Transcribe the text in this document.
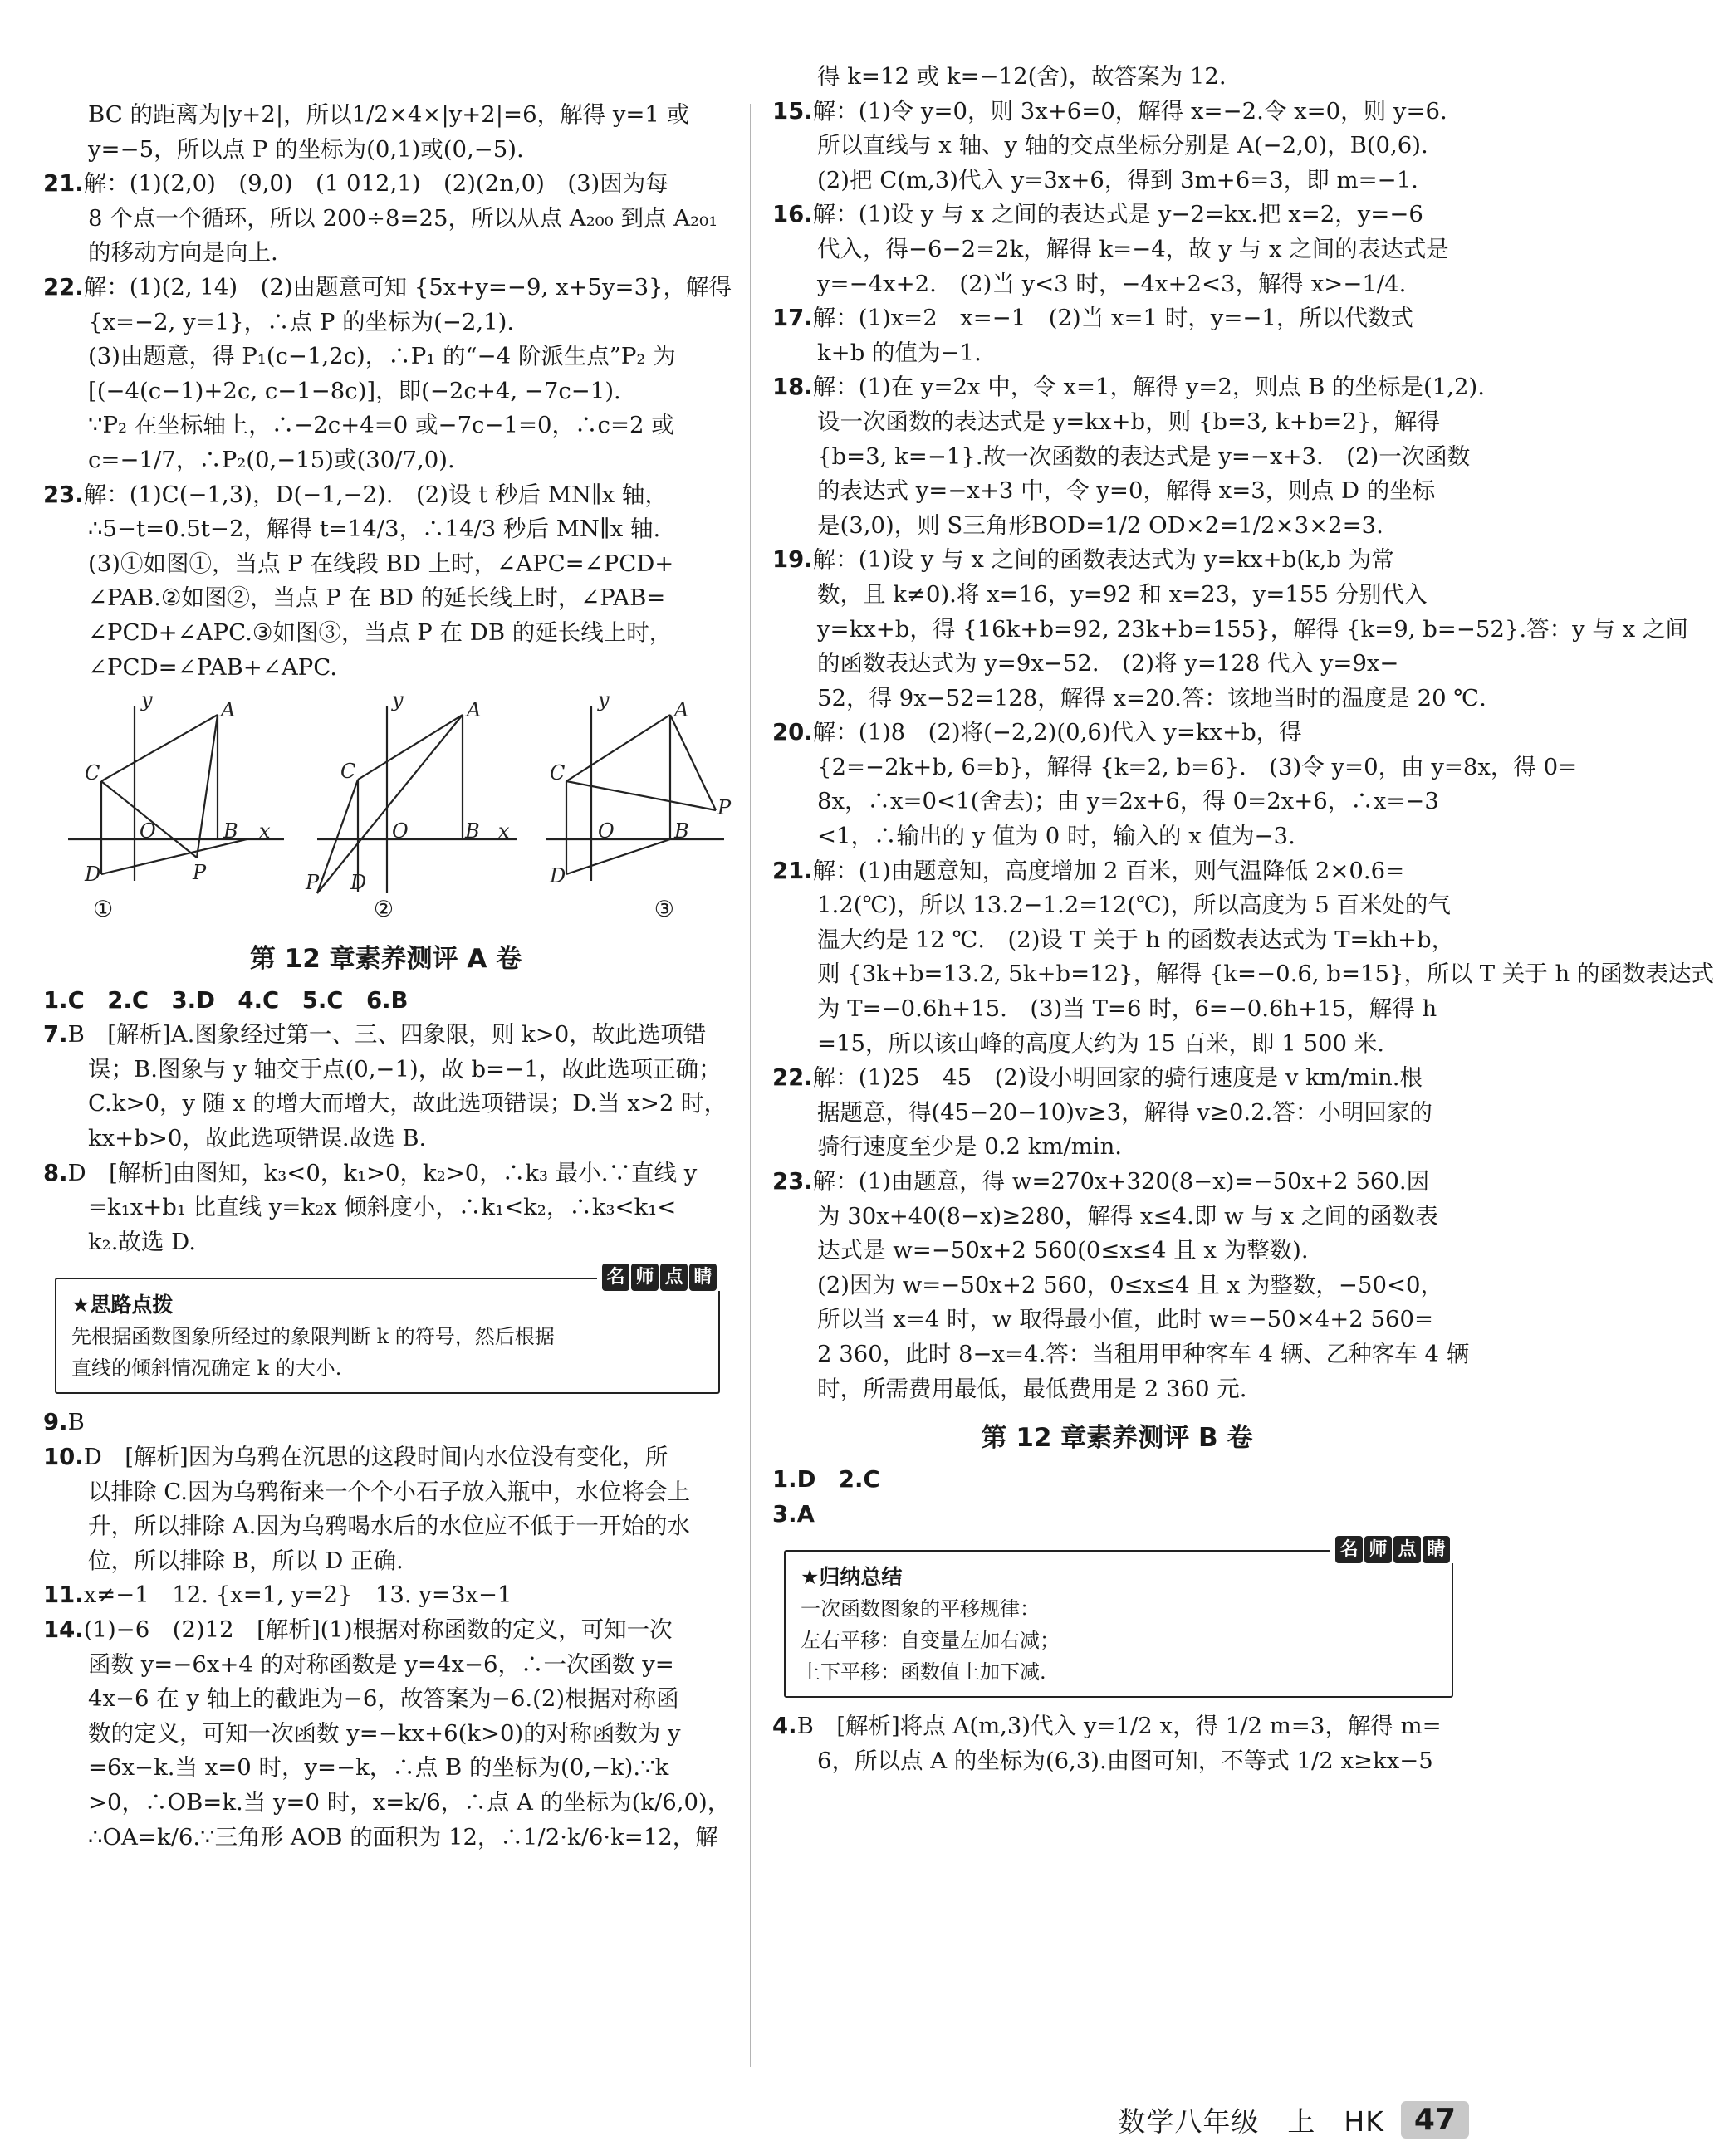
BC 的距离为|y+2|，所以1/2×4×|y+2|=6，解得 y=1 或
y=−5，所以点 P 的坐标为(0,1)或(0,−5).
21.解：(1)(2,0)　(9,0)　(1 012,1)　(2)(2n,0)　(3)因为每
8 个点一个循环，所以 200÷8=25，所以从点 A₂₀₀ 到点 A₂₀₁
的移动方向是向上.
22.解：(1)(2, 14)　(2)由题意可知 {5x+y=−9, x+5y=3}，解得
{x=−2, y=1}，∴点 P 的坐标为(−2,1).
(3)由题意，得 P₁(c−1,2c)，∴P₁ 的“−4 阶派生点”P₂ 为
[(−4(c−1)+2c, c−1−8c)]，即(−2c+4, −7c−1).
∵P₂ 在坐标轴上，∴−2c+4=0 或−7c−1=0，∴c=2 或
c=−1/7，∴P₂(0,−15)或(30/7,0).
23.解：(1)C(−1,3)，D(−1,−2).　(2)设 t 秒后 MN∥x 轴，
∴5−t=0.5t−2，解得 t=14/3，∴14/3 秒后 MN∥x 轴.
(3)①如图①，当点 P 在线段 BD 上时，∠APC=∠PCD+
∠PAB.②如图②，当点 P 在 BD 的延长线上时，∠PAB=
∠PCD+∠APC.③如图③，当点 P 在 DB 的延长线上时，
∠PCD=∠PAB+∠APC.
y	A
C
O	B x
D	P
y	A
C
O	B x
P D
y	A
C
O	B
P
D
①	②	③
第 12 章素养测评 A 卷
1.C　2.C　3.D　4.C　5.C　6.B
7.B　[解析]A.图象经过第一、三、四象限，则 k>0，故此选项错
误；B.图象与 y 轴交于点(0,−1)，故 b=−1，故此选项正确；
C.k>0，y 随 x 的增大而增大，故此选项错误；D.当 x>2 时，
kx+b>0，故此选项错误.故选 B.
8.D　[解析]由图知，k₃<0，k₁>0，k₂>0，∴k₃ 最小.∵直线 y
=k₁x+b₁ 比直线 y=k₂x 倾斜度小，∴k₁<k₂，∴k₃<k₁<
k₂.故选 D.
名 师 点 睛
★思路点拨
先根据函数图象所经过的象限判断 k 的符号，然后根据
直线的倾斜情况确定 k 的大小.
9.B
10.D　[解析]因为乌鸦在沉思的这段时间内水位没有变化，所
以排除 C.因为乌鸦衔来一个个小石子放入瓶中，水位将会上
升，所以排除 A.因为乌鸦喝水后的水位应不低于一开始的水
位，所以排除 B，所以 D 正确.
11.x≠−1　12. {x=1, y=2}　13. y=3x−1
14.(1)−6　(2)12　[解析](1)根据对称函数的定义，可知一次
函数 y=−6x+4 的对称函数是 y=4x−6，∴一次函数 y=
4x−6 在 y 轴上的截距为−6，故答案为−6.(2)根据对称函
数的定义，可知一次函数 y=−kx+6(k>0)的对称函数为 y
=6x−k.当 x=0 时，y=−k，∴点 B 的坐标为(0,−k).∵k
>0，∴OB=k.当 y=0 时，x=k/6，∴点 A 的坐标为(k/6,0)，
∴OA=k/6.∵三角形 AOB 的面积为 12，∴1/2·k/6·k=12，解
得 k=12 或 k=−12(舍)，故答案为 12.
15.解：(1)令 y=0，则 3x+6=0，解得 x=−2.令 x=0，则 y=6.
所以直线与 x 轴、y 轴的交点坐标分别是 A(−2,0)，B(0,6).
(2)把 C(m,3)代入 y=3x+6，得到 3m+6=3，即 m=−1.
16.解：(1)设 y 与 x 之间的表达式是 y−2=kx.把 x=2，y=−6
代入，得−6−2=2k，解得 k=−4，故 y 与 x 之间的表达式是
y=−4x+2.　(2)当 y<3 时，−4x+2<3，解得 x>−1/4.
17.解：(1)x=2　x=−1　(2)当 x=1 时，y=−1，所以代数式
k+b 的值为−1.
18.解：(1)在 y=2x 中，令 x=1，解得 y=2，则点 B 的坐标是(1,2).
设一次函数的表达式是 y=kx+b，则 {b=3, k+b=2}，解得
{b=3, k=−1}.故一次函数的表达式是 y=−x+3.　(2)一次函数
的表达式 y=−x+3 中，令 y=0，解得 x=3，则点 D 的坐标
是(3,0)，则 S三角形BOD=1/2 OD×2=1/2×3×2=3.
19.解：(1)设 y 与 x 之间的函数表达式为 y=kx+b(k,b 为常
数，且 k≠0).将 x=16，y=92 和 x=23，y=155 分别代入
y=kx+b，得 {16k+b=92, 23k+b=155}，解得 {k=9, b=−52}.答：y 与 x 之间
的函数表达式为 y=9x−52.　(2)将 y=128 代入 y=9x−
52，得 9x−52=128，解得 x=20.答：该地当时的温度是 20 ℃.
20.解：(1)8　(2)将(−2,2)(0,6)代入 y=kx+b，得
{2=−2k+b, 6=b}，解得 {k=2, b=6}.　(3)令 y=0，由 y=8x，得 0=
8x，∴x=0<1(舍去)；由 y=2x+6，得 0=2x+6，∴x=−3
<1，∴输出的 y 值为 0 时，输入的 x 值为−3.
21.解：(1)由题意知，高度增加 2 百米，则气温降低 2×0.6=
1.2(℃)，所以 13.2−1.2=12(℃)，所以高度为 5 百米处的气
温大约是 12 ℃.　(2)设 T 关于 h 的函数表达式为 T=kh+b，
则 {3k+b=13.2, 5k+b=12}，解得 {k=−0.6, b=15}，所以 T 关于 h 的函数表达式
为 T=−0.6h+15.　(3)当 T=6 时，6=−0.6h+15，解得 h
=15，所以该山峰的高度大约为 15 百米，即 1 500 米.
22.解：(1)25　45　(2)设小明回家的骑行速度是 v km/min.根
据题意，得(45−20−10)v≥3，解得 v≥0.2.答：小明回家的
骑行速度至少是 0.2 km/min.
23.解：(1)由题意，得 w=270x+320(8−x)=−50x+2 560.因
为 30x+40(8−x)≥280，解得 x≤4.即 w 与 x 之间的函数表
达式是 w=−50x+2 560(0≤x≤4 且 x 为整数).
(2)因为 w=−50x+2 560，0≤x≤4 且 x 为整数，−50<0，
所以当 x=4 时，w 取得最小值，此时 w=−50×4+2 560=
2 360，此时 8−x=4.答：当租用甲种客车 4 辆、乙种客车 4 辆
时，所需费用最低，最低费用是 2 360 元.
第 12 章素养测评 B 卷
1.D　2.C
3.A
名 师 点 睛
★归纳总结
一次函数图象的平移规律：
左右平移：自变量左加右减；
上下平移：函数值上加下减.
4.B　[解析]将点 A(m,3)代入 y=1/2 x，得 1/2 m=3，解得 m=
6，所以点 A 的坐标为(6,3).由图可知，不等式 1/2 x≥kx−5
数学八年级　上　HK	47
